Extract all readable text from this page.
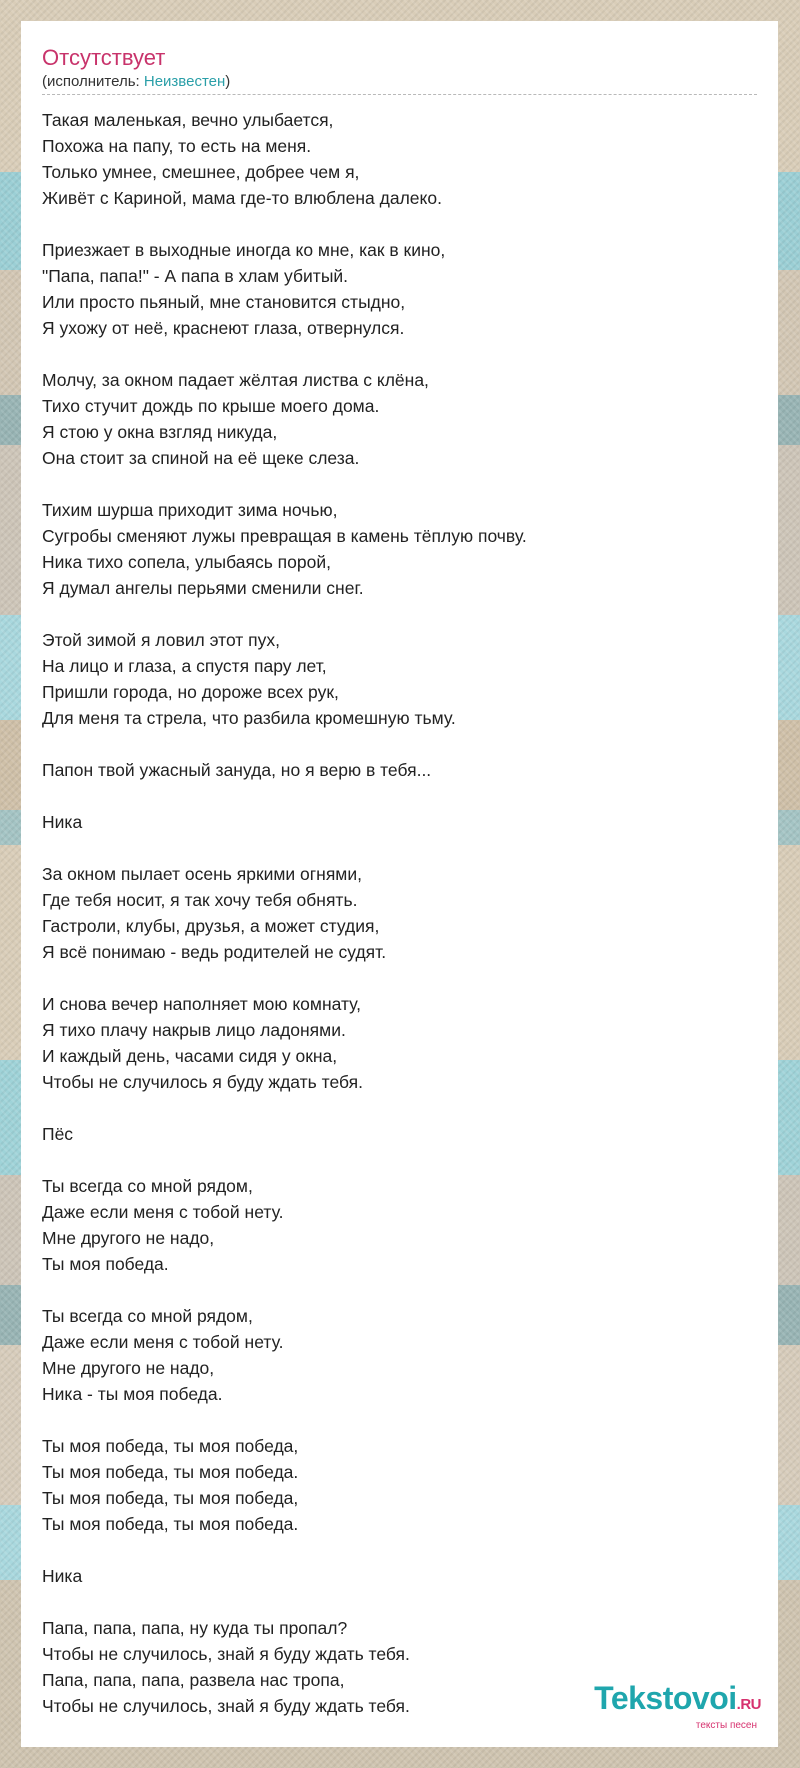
Отсутствует
(исполнитель: Неизвестен)
Такая маленькая, вечно улыбается,
Похожа на папу, то есть на меня.
Только умнее, смешнее, добрее чем я,
Живёт с Кариной, мама где-то влюблена далеко.
Приезжает в выходные иногда ко мне, как в кино,
"Папа, папа!" - А папа в хлам убитый.
Или просто пьяный, мне становится стыдно,
Я ухожу от неё, краснеют глаза, отвернулся.
Молчу, за окном падает жёлтая листва с клёна,
Тихо стучит дождь по крыше моего дома.
Я стою у окна взгляд никуда,
Она стоит за спиной на её щеке слеза.
Тихим шурша приходит зима ночью,
Сугробы сменяют лужы превращая в камень тёплую почву.
Ника тихо сопела, улыбаясь порой,
Я думал ангелы перьями сменили снег.
Этой зимой я ловил этот пух,
На лицо и глаза, а спустя пару лет,
Пришли города, но дороже всех рук,
Для меня та стрела, что разбила кромешную тьму.
Папон твой ужасный зануда, но я верю в тебя...
Ника
За окном пылает осень яркими огнями,
Где тебя носит, я так хочу тебя обнять.
Гастроли, клубы, друзья, а может студия,
Я всё понимаю - ведь родителей не судят.
И снова вечер наполняет мою комнату,
Я тихо плачу накрыв лицо ладонями.
И каждый день, часами сидя у окна,
Чтобы не случилось я буду ждать тебя.
Пёс
Ты всегда со мной рядом,
Даже если меня с тобой нету.
Мне другого не надо,
Ты моя победа.
Ты всегда со мной рядом,
Даже если меня с тобой нету.
Мне другого не надо,
Ника - ты моя победа.
Ты моя победа, ты моя победа,
Ты моя победа, ты моя победа.
Ты моя победа, ты моя победа,
Ты моя победа, ты моя победа.
Ника
Папа, папа, папа, ну куда ты пропал?
Чтобы не случилось, знай я буду ждать тебя.
Папа, папа, папа, развела нас тропа,
Чтобы не случилось, знай я буду ждать тебя.	Tekstovoi.RU
тексты песен
